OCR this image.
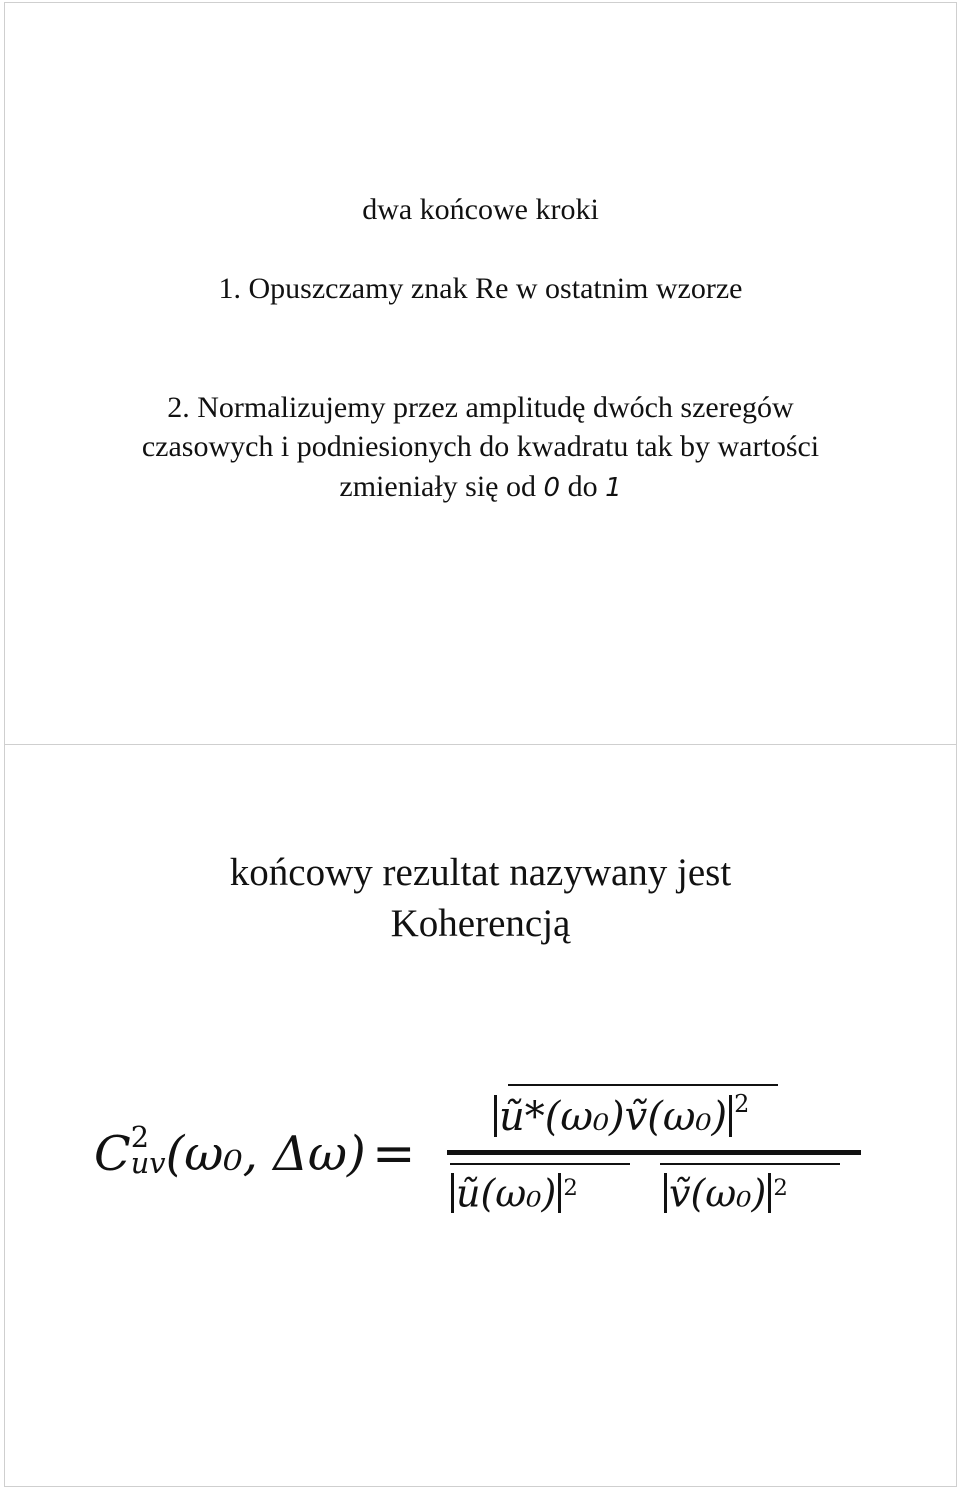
dwa końcowe kroki
1. Opuszczamy znak Re w ostatnim wzorze
2. Normalizujemy przez amplitudę dwóch szeregów
czasowych i podniesionych do kwadratu tak by wartości
zmieniały się od 0 do 1
końcowy rezultat nazywany jest
Koherencją
C 2
uv (ω₀, Δω) =
ũ*(ω₀)ṽ(ω₀) $^2$
ũ(ω₀) $^2$ ṽ(ω₀) $^2$
